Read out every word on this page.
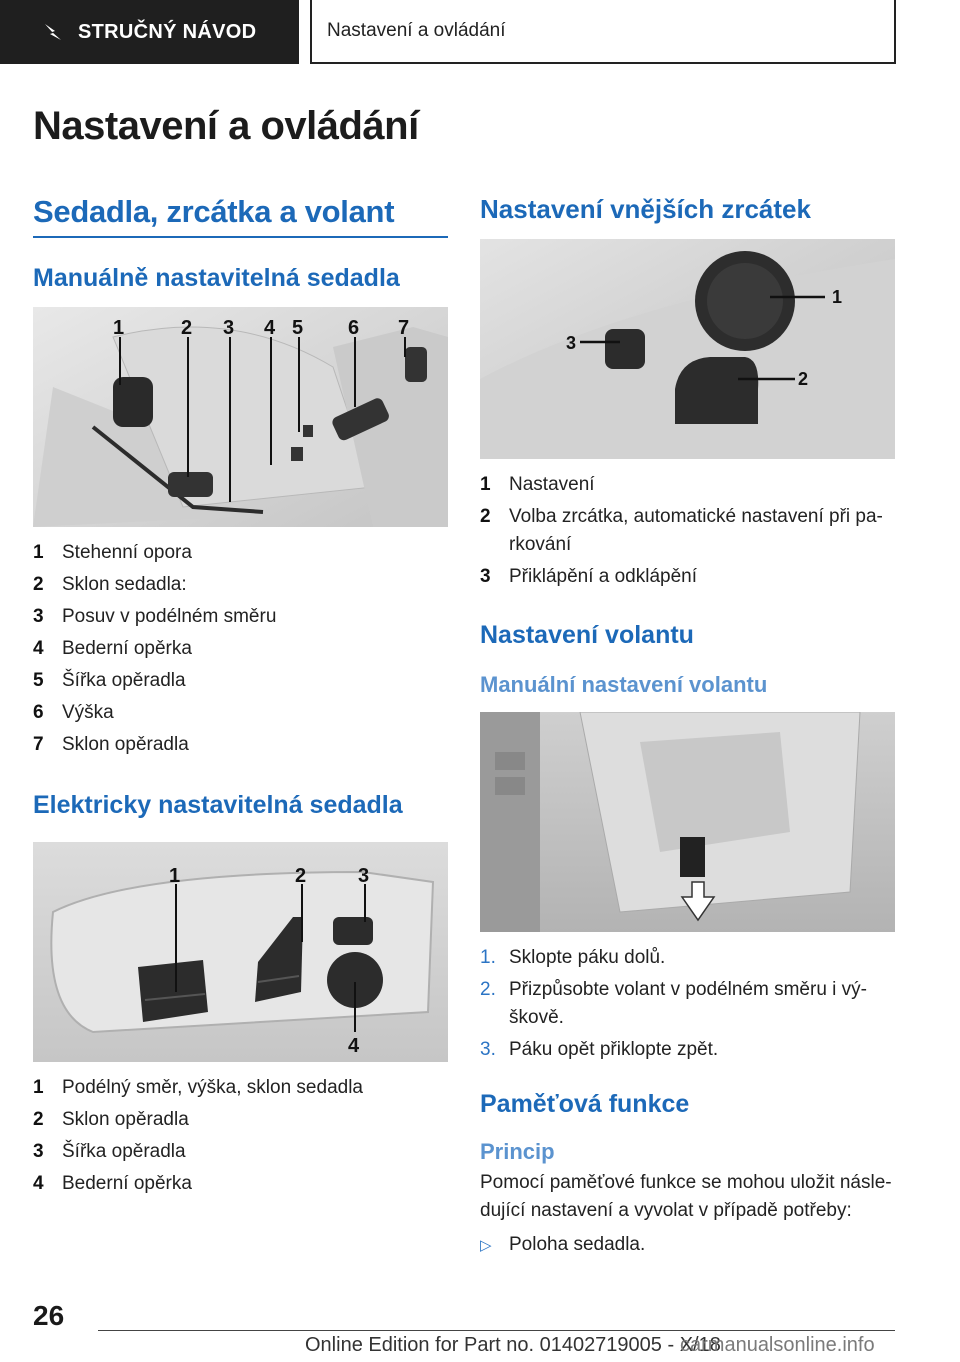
STRUČNÝ NÁVOD	Nastavení a ovládání
Nastavení a ovládání
Sedadla, zrcátka a volant
Manuálně nastavitelná sedadla
1	2 3 4 5 6 7
1 Stehenní opora
2 Sklon sedadla:
3 Posuv v podélném směru
4 Bederní opěrka
5 Šířka opěradla
6 Výška
7 Sklon opěradla
Elektricky nastavitelná sedadla
1	2	3
4
1 Podélný směr, výška, sklon sedadla
2 Sklon opěradla
3 Šířka opěradla
4 Bederní opěrka
Nastavení vnějších zrcátek
1
2
3
1 Nastavení
2 Volba zrcátka, automatické nastavení při pa-rkování
3 Přiklápění a odklápění
Nastavení volantu
Manuální nastavení volantu
1. Sklopte páku dolů.
2. Přizpůsobte volant v podélném směru i vý-škově.
3. Páku opět přiklopte zpět.
Paměťová funkce
Princip
Pomocí paměťové funkce se mohou uložit násle-dující nastavení a vyvolat v případě potřeby:
▷ Poloha sedadla.
26
Online Edition for Part no. 01402719005 - X/18
carmanualsonline.info
